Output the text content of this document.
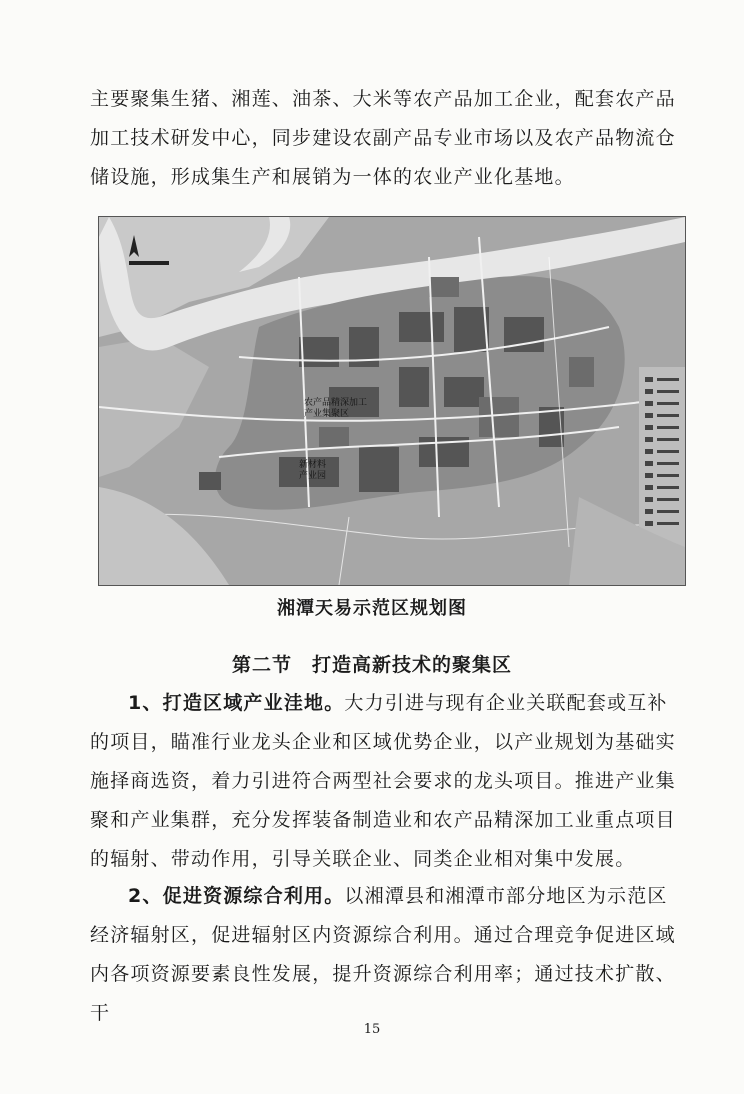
主要聚集生猪、湘莲、油茶、大米等农产品加工企业，配套农产品加工技术研发中心，同步建设农副产品专业市场以及农产品物流仓储设施，形成集生产和展销为一体的农业产业化基地。

农产品精深加工
产业集聚区
新材料
产业园
湘潭天易示范区规划图
第二节　打造高新技术的聚集区

1、打造区域产业洼地。大力引进与现有企业关联配套或互补的项目，瞄准行业龙头企业和区域优势企业，以产业规划为基础实施择商选资，着力引进符合两型社会要求的龙头项目。推进产业集聚和产业集群，充分发挥装备制造业和农产品精深加工业重点项目的辐射、带动作用，引导关联企业、同类企业相对集中发展。

2、促进资源综合利用。以湘潭县和湘潭市部分地区为示范区经济辐射区，促进辐射区内资源综合利用。通过合理竞争促进区域内各项资源要素良性发展，提升资源综合利用率；通过技术扩散、干

15
